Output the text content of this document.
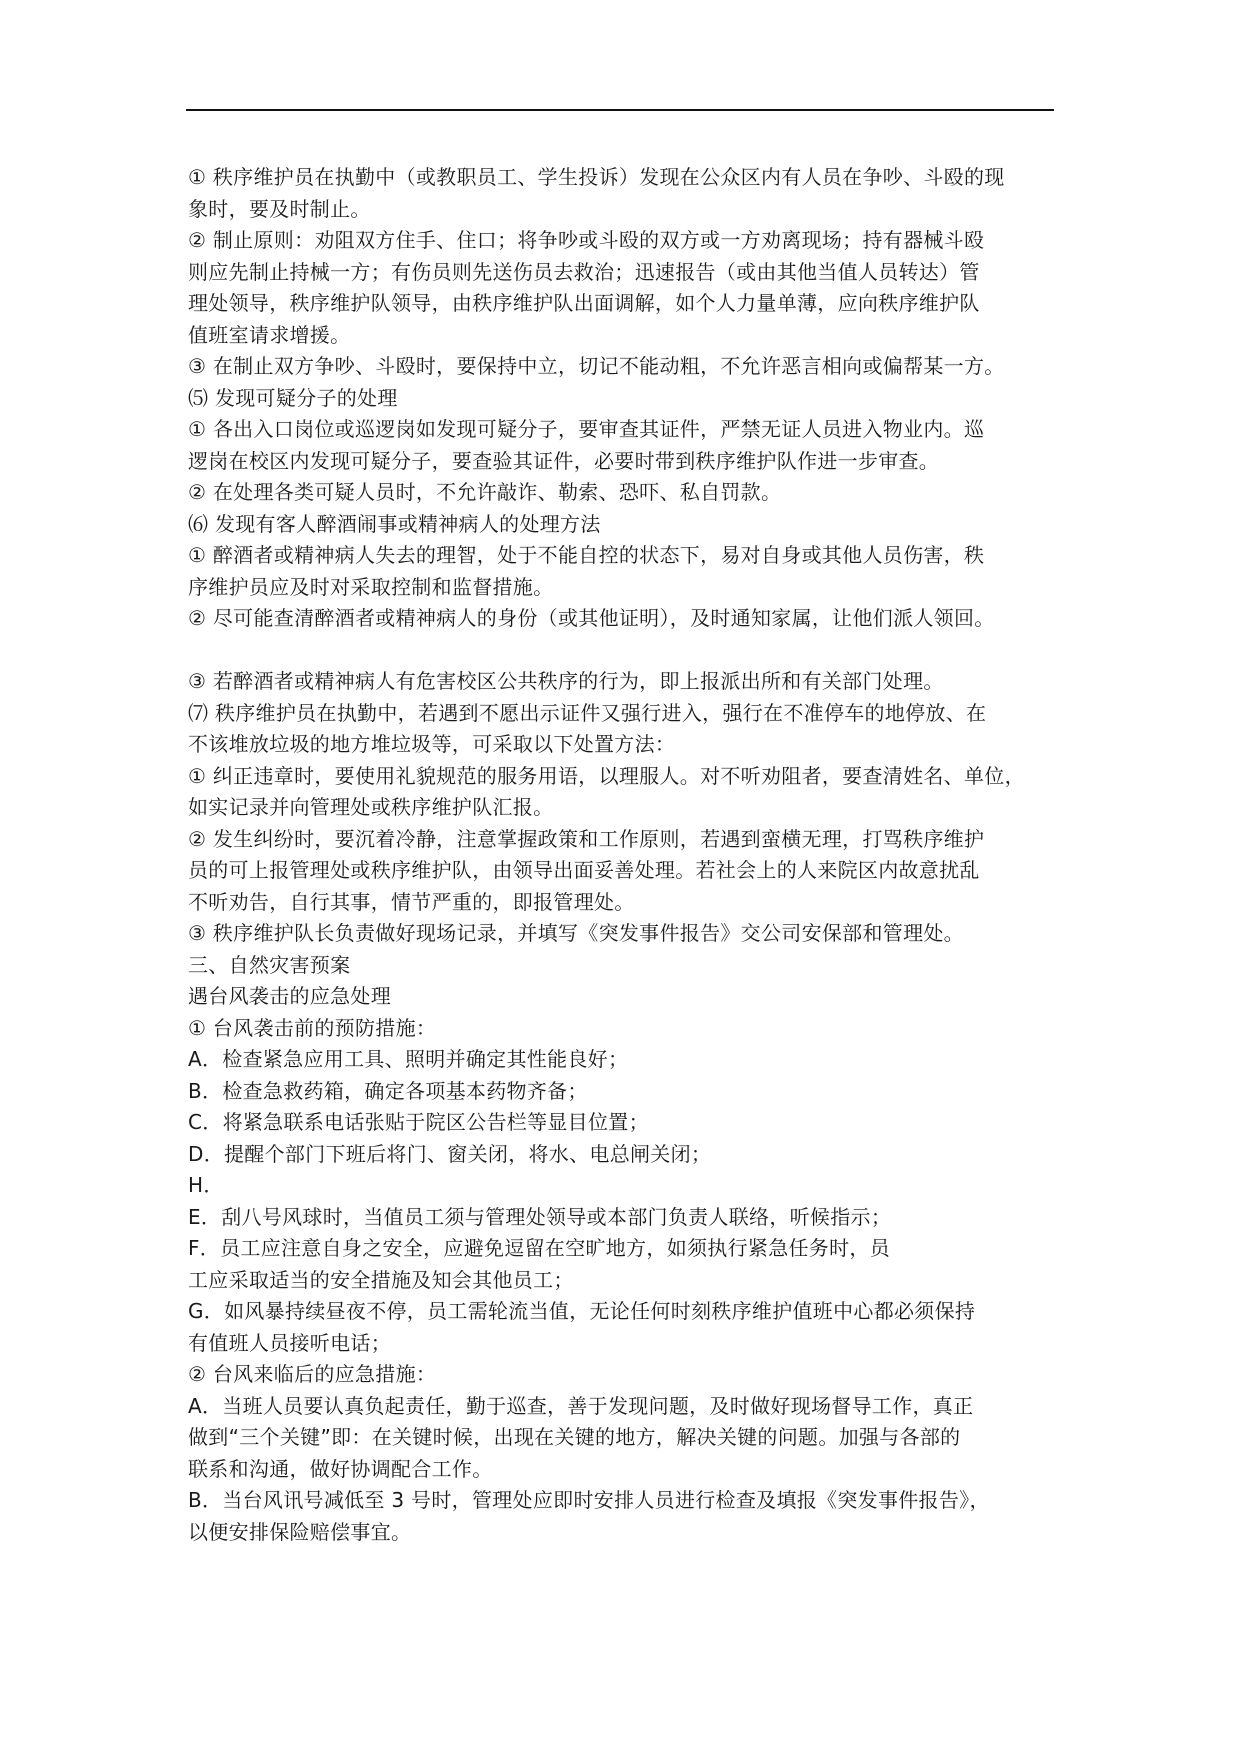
① 秩序维护员在执勤中（或教职员工、学生投诉）发现在公众区内有人员在争吵、斗殴的现
象时，要及时制止。
② 制止原则：劝阻双方住手、住口；将争吵或斗殴的双方或一方劝离现场；持有器械斗殴
则应先制止持械一方；有伤员则先送伤员去救治；迅速报告（或由其他当值人员转达）管
理处领导，秩序维护队领导，由秩序维护队出面调解，如个人力量单薄，应向秩序维护队
值班室请求增援。
③ 在制止双方争吵、斗殴时，要保持中立，切记不能动粗，不允许恶言相向或偏帮某一方。
⑸ 发现可疑分子的处理
① 各出入口岗位或巡逻岗如发现可疑分子，要审查其证件，严禁无证人员进入物业内。巡
逻岗在校区内发现可疑分子，要查验其证件，必要时带到秩序维护队作进一步审查。
② 在处理各类可疑人员时，不允许敲诈、勒索、恐吓、私自罚款。
⑹ 发现有客人醉酒闹事或精神病人的处理方法
① 醉酒者或精神病人失去的理智，处于不能自控的状态下，易对自身或其他人员伤害，秩
序维护员应及时对采取控制和监督措施。
② 尽可能查清醉酒者或精神病人的身份（或其他证明），及时通知家属，让他们派人领回。
③ 若醉酒者或精神病人有危害校区公共秩序的行为，即上报派出所和有关部门处理。
⑺ 秩序维护员在执勤中，若遇到不愿出示证件又强行进入，强行在不准停车的地停放、在
不该堆放垃圾的地方堆垃圾等，可采取以下处置方法：
① 纠正违章时，要使用礼貌规范的服务用语，以理服人。对不听劝阻者，要查清姓名、单位，
如实记录并向管理处或秩序维护队汇报。
② 发生纠纷时，要沉着冷静，注意掌握政策和工作原则，若遇到蛮横无理，打骂秩序维护
员的可上报管理处或秩序维护队，由领导出面妥善处理。若社会上的人来院区内故意扰乱
不听劝告，自行其事，情节严重的，即报管理处。
③ 秩序维护队长负责做好现场记录，并填写《突发事件报告》交公司安保部和管理处。
三、自然灾害预案
遇台风袭击的应急处理
① 台风袭击前的预防措施：
A．检查紧急应用工具、照明并确定其性能良好；
B．检查急救药箱，确定各项基本药物齐备；
C．将紧急联系电话张贴于院区公告栏等显目位置；
D．提醒个部门下班后将门、窗关闭，将水、电总闸关闭；
H．
E．刮八号风球时，当值员工须与管理处领导或本部门负责人联络，听候指示；
F．员工应注意自身之安全，应避免逗留在空旷地方，如须执行紧急任务时，员
工应采取适当的安全措施及知会其他员工；
G．如风暴持续昼夜不停，员工需轮流当值，无论任何时刻秩序维护值班中心都必须保持
有值班人员接听电话；
② 台风来临后的应急措施：
A．当班人员要认真负起责任，勤于巡查，善于发现问题，及时做好现场督导工作，真正
做到“三个关键”即：在关键时候，出现在关键的地方，解决关键的问题。加强与各部的
联系和沟通，做好协调配合工作。
B．当台风讯号减低至 3 号时，管理处应即时安排人员进行检查及填报《突发事件报告》，
以便安排保险赔偿事宜。
